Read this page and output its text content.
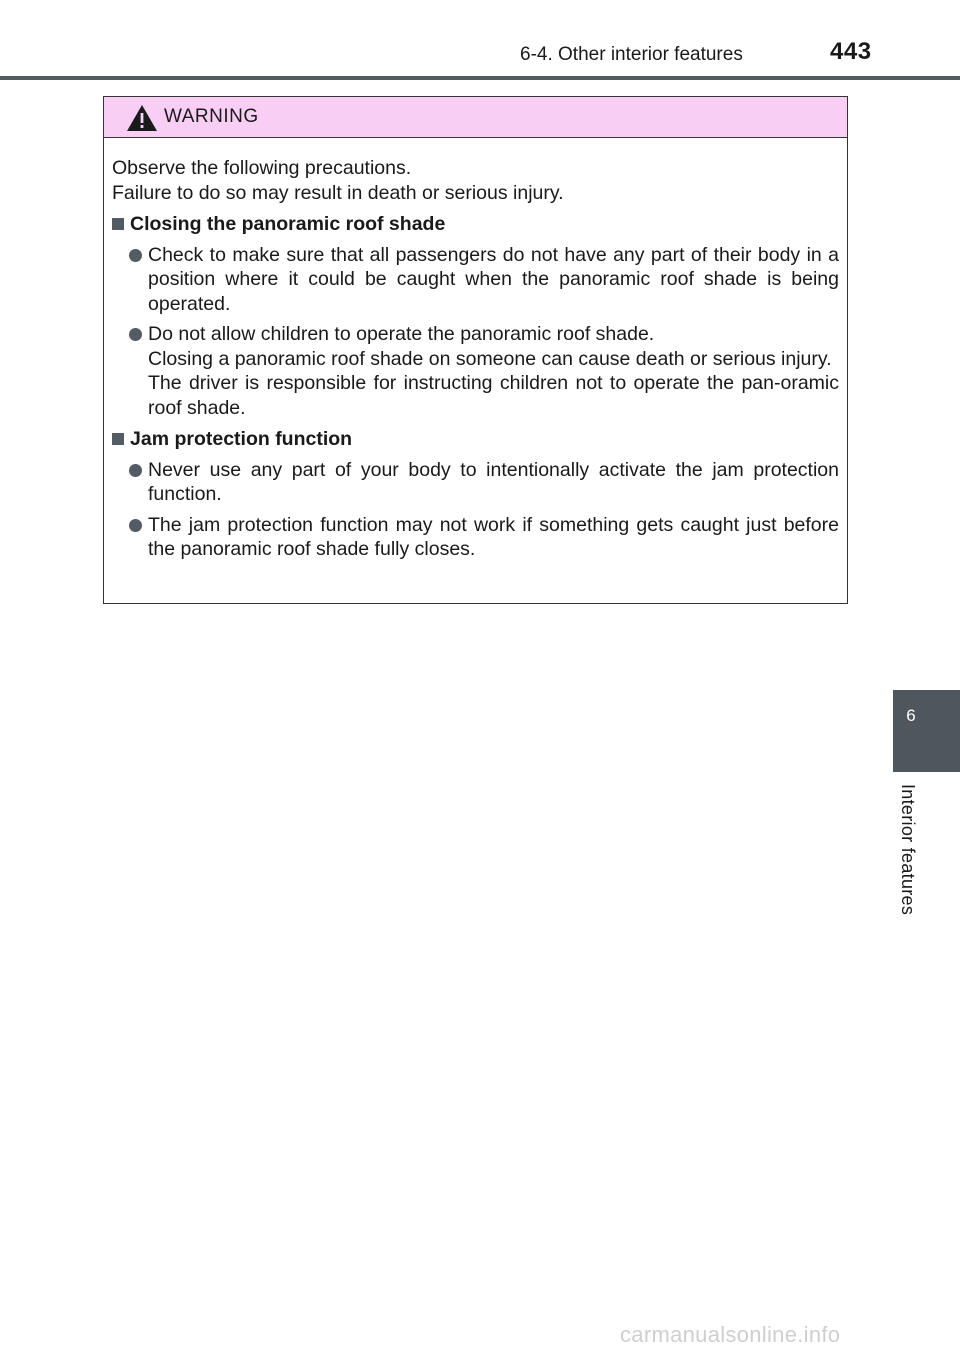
6-4. Other interior features	443
WARNING

Observe the following precautions.

Failure to do so may result in death or serious injury.

Closing the panoramic roof shade

Check to make sure that all passengers do not have any part of their body in a position where it could be caught when the panoramic roof shade is being operated.

Do not allow children to operate the panoramic roof shade.

Closing a panoramic roof shade on someone can cause death or serious injury.

The driver is responsible for instructing children not to operate the pan-oramic roof shade.

Jam protection function

Never use any part of your body to intentionally activate the jam protection function.

The jam protection function may not work if something gets caught just before the panoramic roof shade fully closes.

6
Interior features
carmanualsonline.info
